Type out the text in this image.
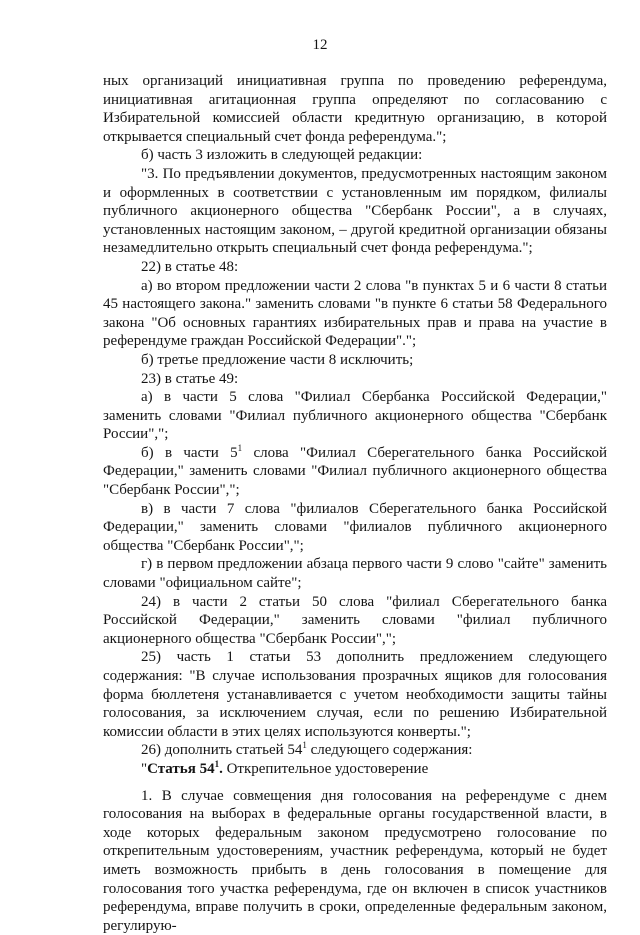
12

ных организаций инициативная группа по проведению референдума, инициативная агитационная группа определяют по согласованию с Избирательной комиссией области кредитную организацию, в которой открывается специальный счет фонда референдума.";

б) часть 3 изложить в следующей редакции:

"3. По предъявлении документов, предусмотренных настоящим законом и оформленных в соответствии с установленным им порядком, филиалы публичного акционерного общества "Сбербанк России", а в случаях, установленных настоящим законом, – другой кредитной организации обязаны незамедлительно открыть специальный счет фонда референдума.";

22) в статье 48:

а) во втором предложении части 2 слова "в пунктах 5 и 6 части 8 статьи 45 настоящего закона." заменить словами "в пункте 6 статьи 58 Федерального закона "Об основных гарантиях избирательных прав и права на участие в референдуме граждан Российской Федерации".";

б) третье предложение части 8 исключить;

23) в статье 49:

а) в части 5 слова "Филиал Сбербанка Российской Федерации," заменить словами "Филиал публичного акционерного общества "Сбербанк России",";

б) в части $5^1$ слова "Филиал Сберегательного банка Российской Федерации," заменить словами "Филиал публичного акционерного общества "Сбербанк России",";

в) в части 7 слова "филиалов Сберегательного банка Российской Федерации," заменить словами "филиалов публичного акционерного общества "Сбербанк России",";

г) в первом предложении абзаца первого части 9 слово "сайте" заменить словами "официальном сайте";

24) в части 2 статьи 50 слова "филиал Сберегательного банка Российской Федерации," заменить словами "филиал публичного акционерного общества "Сбербанк России",";

25) часть 1 статьи 53 дополнить предложением следующего содержания: "В случае использования прозрачных ящиков для голосования форма бюллетеня устанавливается с учетом необходимости защиты тайны голосования, за исключением случая, если по решению Избирательной комиссии области в этих целях используются конверты.";

26) дополнить статьей $54^1$ следующего содержания:

"Статья $54^1$. Открепительное удостоверение

1. В случае совмещения дня голосования на референдуме с днем голосования на выборах в федеральные органы государственной власти, в ходе которых федеральным законом предусмотрено голосование по открепительным удостоверениям, участник референдума, который не будет иметь возможность прибыть в день голосования в помещение для голосования того участка референдума, где он включен в список участников референдума, вправе получить в сроки, определенные федеральным законом, регулирую-
